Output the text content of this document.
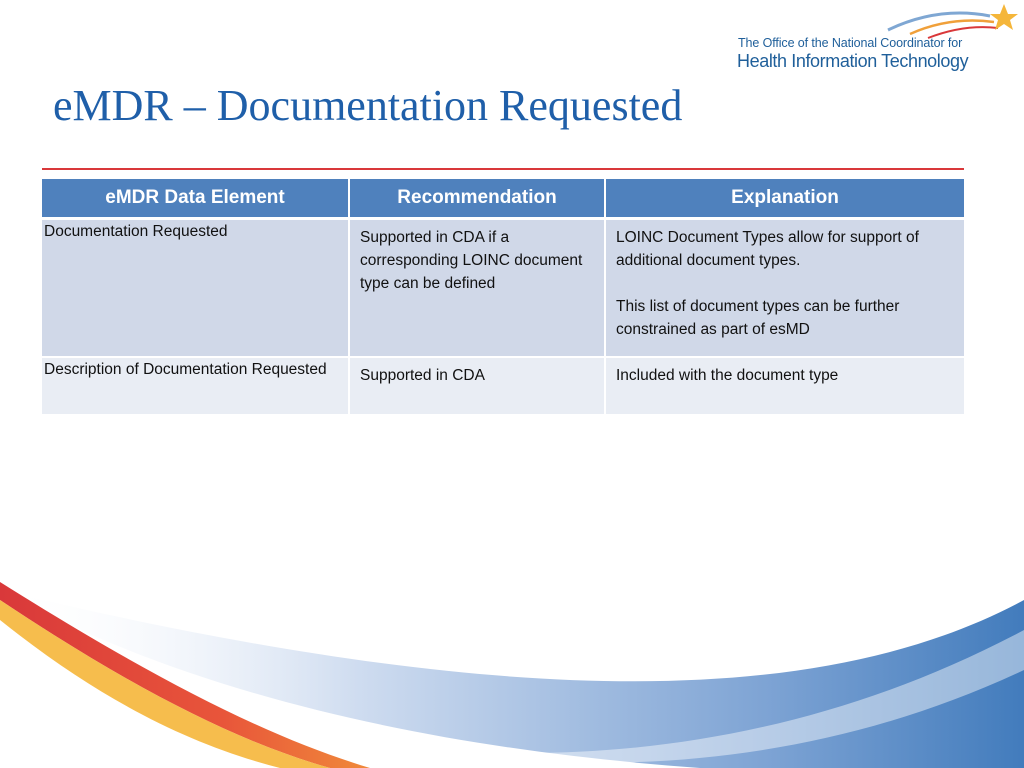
The Office of the National Coordinator for
Health Information Technology
eMDR – Documentation Requested
eMDR Data Element	Recommendation	Explanation
Documentation Requested	Supported in CDA if a corresponding LOINC document type can be defined	LOINC Document Types allow for support of additional document types.

This list of document types can be further constrained as part of esMD

Description of Documentation Requested	Supported in CDA	Included with the document type
